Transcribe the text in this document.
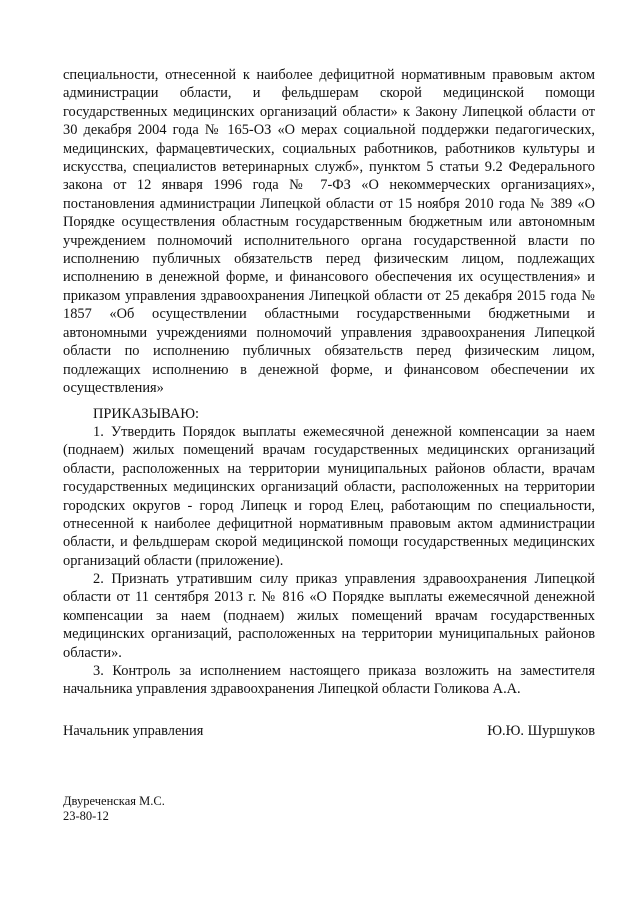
специальности, отнесенной к наиболее дефицитной нормативным правовым актом администрации области, и фельдшерам скорой медицинской помощи государственных медицинских организаций области» к Закону Липецкой области от 30 декабря 2004 года № 165-ОЗ «О мерах социальной поддержки педагогических, медицинских, фармацевтических, социальных работников, работников культуры и искусства, специалистов ветеринарных служб», пунктом 5 статьи 9.2 Федерального закона от 12 января 1996 года № 7-ФЗ «О некоммерческих организациях», постановления администрации Липецкой области от 15 ноября 2010 года № 389 «О Порядке осуществления областным государственным бюджетным или автономным учреждением полномочий исполнительного органа государственной власти по исполнению публичных обязательств перед физическим лицом, подлежащих исполнению в денежной форме, и финансового обеспечения их осуществления» и приказом управления здравоохранения Липецкой области от 25 декабря 2015 года № 1857 «Об осуществлении областными государственными бюджетными и автономными учреждениями полномочий управления здравоохранения Липецкой области по исполнению публичных обязательств перед физическим лицом, подлежащих исполнению в денежной форме, и финансовом обеспечении их осуществления»

ПРИКАЗЫВАЮ:

1. Утвердить Порядок выплаты ежемесячной денежной компенсации за наем (поднаем) жилых помещений врачам государственных медицинских организаций области, расположенных на территории муниципальных районов области, врачам государственных медицинских организаций области, расположенных на территории городских округов - город Липецк и город Елец, работающим по специальности, отнесенной к наиболее дефицитной нормативным правовым актом администрации области, и фельдшерам скорой медицинской помощи государственных медицинских организаций области (приложение).

2. Признать утратившим силу приказ управления здравоохранения Липецкой области от 11 сентября 2013 г. № 816 «О Порядке выплаты ежемесячной денежной компенсации за наем (поднаем) жилых помещений врачам государственных медицинских организаций, расположенных на территории муниципальных районов области».

3. Контроль за исполнением настоящего приказа возложить на заместителя начальника управления здравоохранения Липецкой области Голикова А.А.

Начальник управления	Ю.Ю. Шуршуков
Двуреченская М.С.
23-80-12
